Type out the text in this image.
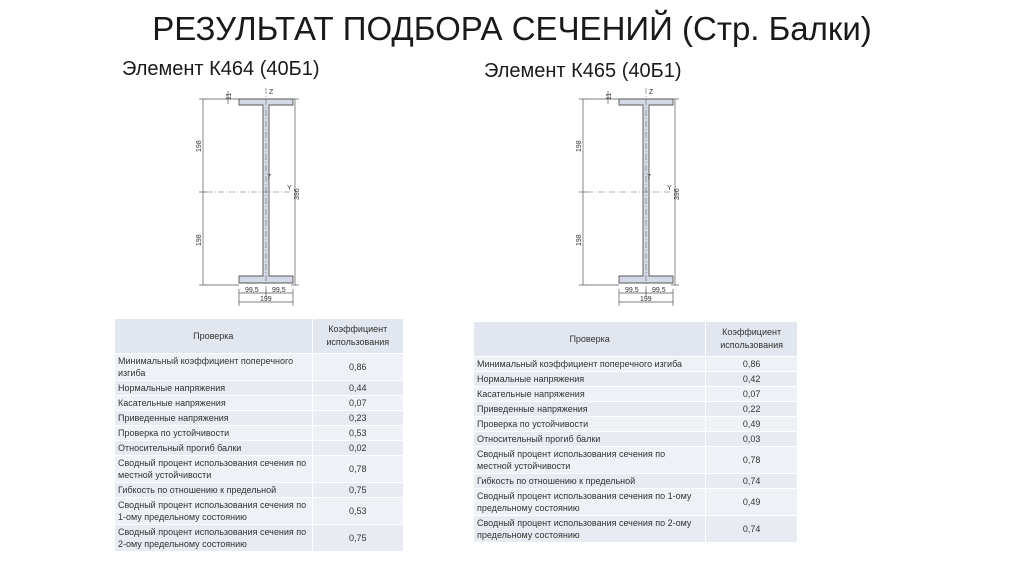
РЕЗУЛЬТАТ ПОДБОРА СЕЧЕНИЙ (Стр. Балки)
Элемент К464 (40Б1)	Элемент К465 (40Б1)
Z
Y
7
11
198
198
396
99,5 99,5
199
Z
Y
7
11
198
198
396
99,5 99,5
199
Проверка	Коэффициент использования
Минимальный коэффициент поперечного изгиба	0,86
Нормальные напряжения	0,44
Касательные напряжения	0,07
Приведенные напряжения	0,23
Проверка по устойчивости	0,53
Относительный прогиб балки	0,02
Сводный процент использования сечения по местной устойчивости	0,78
Гибкость по отношению к предельной	0,75
Сводный процент использования сечения по 1-ому предельному состоянию	0,53
Сводный процент использования сечения по 2-ому предельному состоянию	0,75
Проверка	Коэффициент использования
Минимальный коэффициент поперечного изгиба	0,86
Нормальные напряжения	0,42
Касательные напряжения	0,07
Приведенные напряжения	0,22
Проверка по устойчивости	0,49
Относительный прогиб балки	0,03
Сводный процент использования сечения по местной устойчивости	0,78
Гибкость по отношению к предельной	0,74
Сводный процент использования сечения по 1-ому предельному состоянию	0,49
Сводный процент использования сечения по 2-ому предельному состоянию	0,74
